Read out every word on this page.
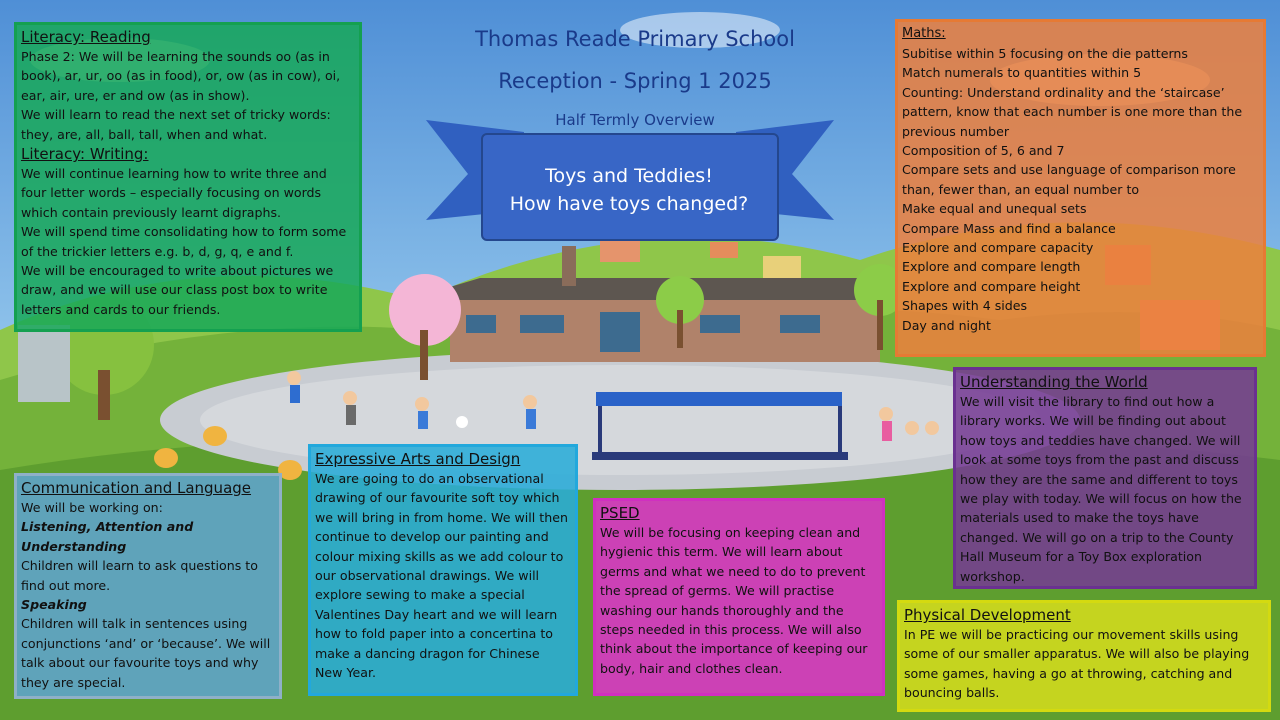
Thomas Reade Primary School
Reception - Spring 1 2025
Half Termly Overview
Toys and Teddies!
How have toys changed?
Literacy: Reading

Phase 2: We will be learning the sounds oo (as in book), ar, ur, oo (as in food), or, ow (as in cow), oi, ear, air, ure, er and ow (as in show).

We will learn to read the next set of tricky words: they, are, all, ball, tall, when and what.

Literacy: Writing:

We will continue learning how to write three and four letter words – especially focusing on words which contain previously learnt digraphs.

We will spend time consolidating how to form some of the trickier letters e.g. b, d, g, q, e and f.

We will be encouraged to write about pictures we draw, and we will use our class post box to write letters and cards to our friends.

Maths:

Subitise within 5 focusing on the die patterns

Match numerals to quantities within 5

Counting: Understand ordinality and the ‘staircase’ pattern, know that each number is one more than the previous number

Composition of 5, 6 and 7

Compare sets and use language of comparison more than, fewer than, an equal number to

Make equal and unequal sets

Compare Mass and find a balance

Explore and compare capacity

Explore and compare length

Explore and compare height

Shapes with 4 sides

Day and night

Understanding the World

We will visit the library to find out how a library works. We will be finding out about how toys and teddies have changed. We will look at some toys from the past and discuss how they are the same and different to toys we play with today. We will focus on how the materials used to make the toys have changed. We will go on a trip to the County Hall Museum for a Toy Box exploration workshop.

Physical Development

In PE we will be practicing our movement skills using some of our smaller apparatus. We will also be playing some games, having a go at throwing, catching and bouncing balls.

Communication and Language

We will be working on:

Listening, Attention and Understanding

Children will learn to ask questions to find out more.

Speaking

Children will talk in sentences using conjunctions ‘and’ or ‘because’. We will talk about our favourite toys and why they are special.

Expressive Arts and Design

We are going to do an observational drawing of our favourite soft toy which we will bring in from home. We will then continue to develop our painting and colour mixing skills as we add colour to our observational drawings. We will explore sewing to make a special Valentines Day heart and we will learn how to fold paper into a concertina to make a dancing dragon for Chinese New Year.

PSED

We will be focusing on keeping clean and hygienic this term. We will learn about germs and what we need to do to prevent the spread of germs. We will practise washing our hands thoroughly and the steps needed in this process. We will also think about the importance of keeping our body, hair and clothes clean.
